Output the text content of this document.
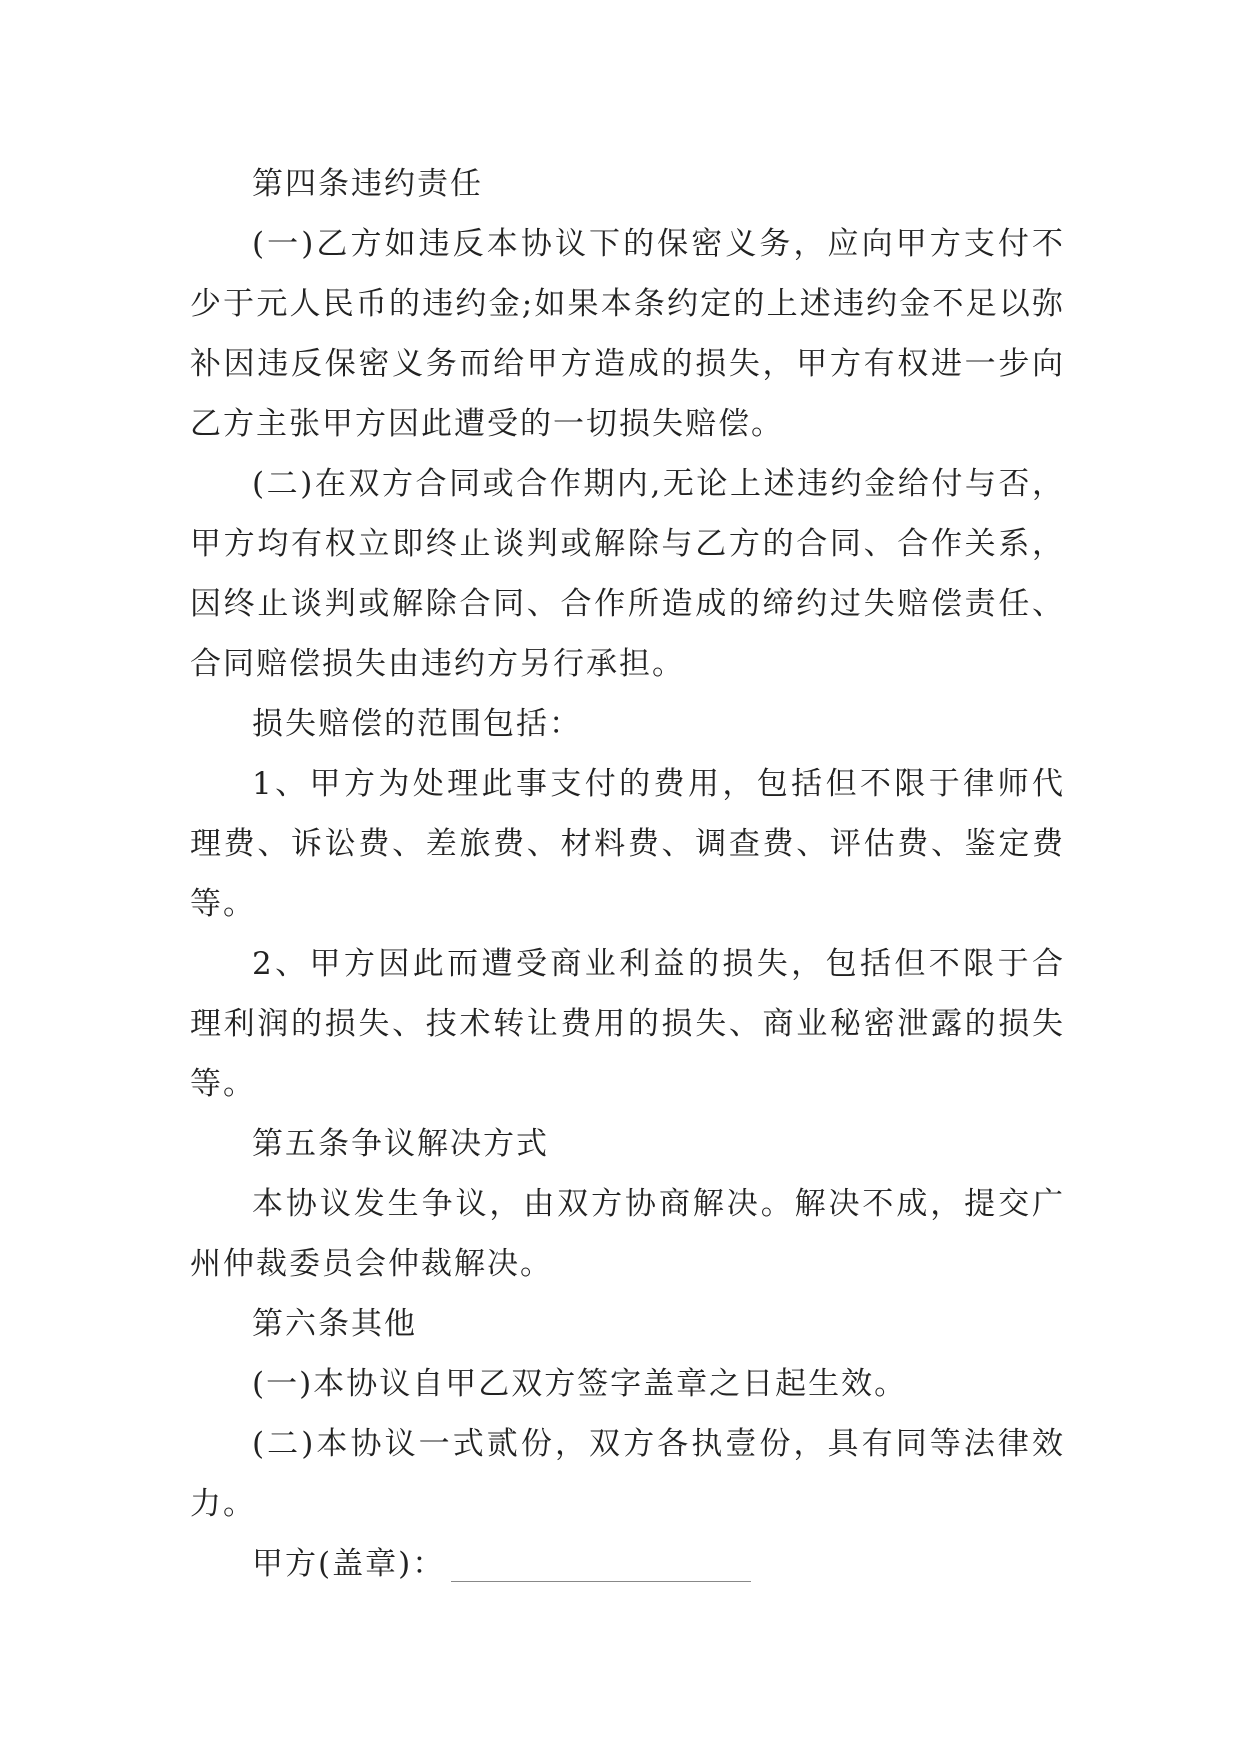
第四条违约责任

(一)乙方如违反本协议下的保密义务，应向甲方支付不少于元人民币的违约金;如果本条约定的上述违约金不足以弥补因违反保密义务而给甲方造成的损失，甲方有权进一步向乙方主张甲方因此遭受的一切损失赔偿。

(二)在双方合同或合作期内,无论上述违约金给付与否，甲方均有权立即终止谈判或解除与乙方的合同、合作关系，因终止谈判或解除合同、合作所造成的缔约过失赔偿责任、合同赔偿损失由违约方另行承担。

损失赔偿的范围包括：

1、甲方为处理此事支付的费用，包括但不限于律师代理费、诉讼费、差旅费、材料费、调查费、评估费、鉴定费等。

2、甲方因此而遭受商业利益的损失，包括但不限于合理利润的损失、技术转让费用的损失、商业秘密泄露的损失等。

第五条争议解决方式

本协议发生争议，由双方协商解决。解决不成，提交广州仲裁委员会仲裁解决。

第六条其他

(一)本协议自甲乙双方签字盖章之日起生效。

(二)本协议一式贰份，双方各执壹份，具有同等法律效力。

甲方(盖章)：
